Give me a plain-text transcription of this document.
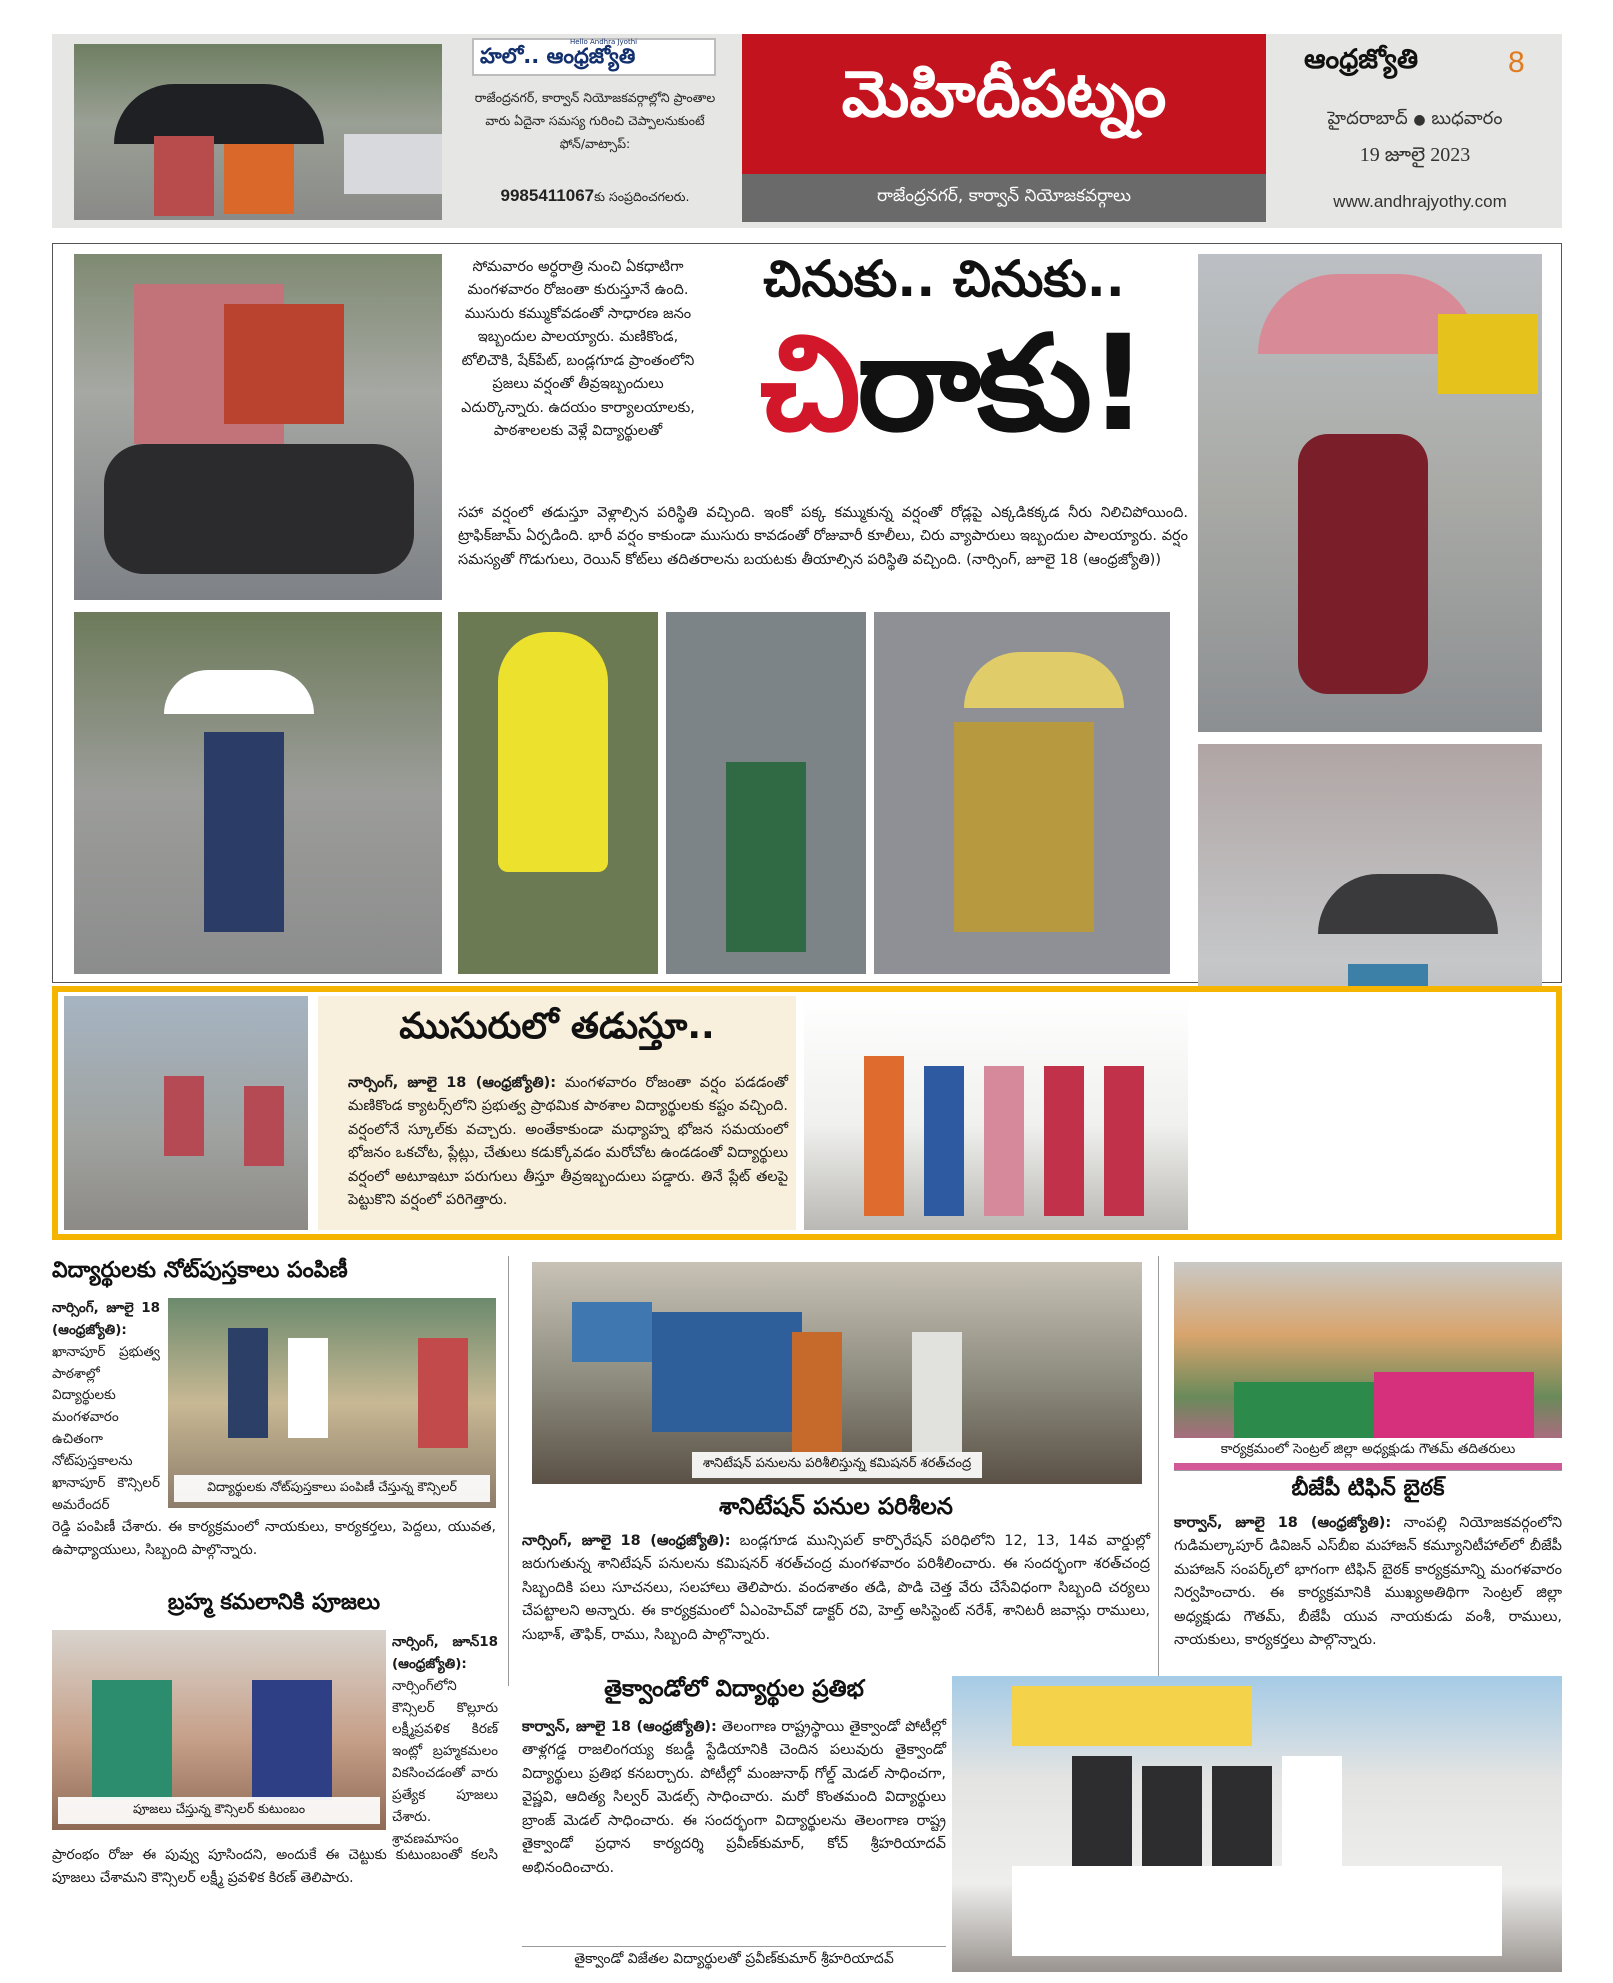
హలో.. ఆంధ్రజ్యోతి
Hello Andhra Jyothi
రాజేంద్రనగర్, కార్వాన్ నియోజకవర్గాల్లోని ప్రాంతాల వారు ఏదైనా సమస్య గురించి చెప్పాలనుకుంటే ఫోన్/వాట్సాప్:
9985411067కు సంప్రదించగలరు.
మెహిదీపట్నం
రాజేంద్రనగర్, కార్వాన్ నియోజకవర్గాలు
ఆంధ్రజ్యోతి	8
హైదరాబాద్ ● బుధవారం
19 జూలై 2023
www.andhrajyothy.com
సోమవారం అర్ధరాత్రి నుంచి ఏకధాటిగా మంగళవారం రోజంతా కురుస్తూనే ఉంది. ముసురు కమ్ముకోవడంతో సాధారణ జనం ఇబ్బందుల పాలయ్యారు. మణికొండ, టోలిచౌకి, షేక్‌పేట్, బండ్లగూడ ప్రాంతంలోని ప్రజలు వర్షంతో తీవ్రఇబ్బందులు ఎదుర్కొన్నారు. ఉదయం కార్యాలయాలకు, పాఠశాలలకు వెళ్లే విద్యార్థులతో
చినుకు.. చినుకు..
చిరాకు!
సహా వర్షంలో తడుస్తూ వెళ్లాల్సిన పరిస్థితి వచ్చింది. ఇంకో పక్క కమ్ముకున్న వర్షంతో రోడ్లపై ఎక్కడికక్కడ నీరు నిలిచిపోయింది. ట్రాఫిక్‌జామ్ ఏర్పడింది. భారీ వర్షం కాకుండా ముసురు కావడంతో రోజువారీ కూలీలు, చిరు వ్యాపారులు ఇబ్బందుల పాలయ్యారు. వర్షం సమస్యతో గొడుగులు, రెయిన్ కోట్‌లు తదితరాలను బయటకు తీయాల్సిన పరిస్థితి వచ్చింది. (నార్సింగ్, జూలై 18 (ఆంధ్రజ్యోతి))
ముసురులో తడుస్తూ..
నార్సింగ్, జూలై 18 (ఆంధ్రజ్యోతి): మంగళవారం రోజంతా వర్షం పడడంతో మణికొండ క్యాటర్స్‌లోని ప్రభుత్వ ప్రాథమిక పాఠశాల విద్యార్థులకు కష్టం వచ్చింది. వర్షంలోనే స్కూల్‌కు వచ్చారు. అంతేకాకుండా మధ్యాహ్న భోజన సమయంలో భోజనం ఒకచోట, ప్లేట్లు, చేతులు కడుక్కోవడం మరోచోట ఉండడంతో విద్యార్థులు వర్షంలో అటూఇటూ పరుగులు తీస్తూ తీవ్రఇబ్బందులు పడ్డారు. తినే ప్లేట్ తలపై పెట్టుకొని వర్షంలో పరిగెత్తారు.
విద్యార్థులకు నోట్‌పుస్తకాలు పంపిణీ
నార్సింగ్, జూలై 18 (ఆంధ్రజ్యోతి): ఖానాపూర్ ప్రభుత్వ పాఠశాల్లో విద్యార్థులకు మంగళవారం ఉచితంగా నోట్‌పుస్తకాలను ఖానాపూర్ కౌన్సిలర్ అమరేందర్
విద్యార్థులకు నోట్‌పుస్తకాలు పంపిణీ చేస్తున్న కౌన్సిలర్
రెడ్డి పంపిణీ చేశారు. ఈ కార్యక్రమంలో నాయకులు, కార్యకర్తలు, పెద్దలు, యువత, ఉపాధ్యాయులు, సిబ్బంది పాల్గొన్నారు.
బ్రహ్మ కమలానికి పూజలు
పూజలు చేస్తున్న కౌన్సిలర్ కుటుంబం
నార్సింగ్, జూన్18 (ఆంధ్రజ్యోతి): నార్సింగ్‌లోని కౌన్సిలర్ కొల్లూరు లక్ష్మీప్రవళిక కిరణ్ ఇంట్లో బ్రహ్మకమలం వికసించడంతో వారు ప్రత్యేక పూజలు చేశారు. శ్రావణమాసం
ప్రారంభం రోజు ఈ పువ్వు పూసిందని, అందుకే ఈ చెట్టుకు కుటుంబంతో కలసి పూజలు చేశామని కౌన్సిలర్ లక్ష్మీ ప్రవళిక కిరణ్ తెలిపారు.
శానిటేషన్ పనులను పరిశీలిస్తున్న కమిషనర్ శరత్‌చంద్ర
శానిటేషన్ పనుల పరిశీలన
నార్సింగ్, జూలై 18 (ఆంధ్రజ్యోతి): బండ్లగూడ మున్సిపల్ కార్పొరేషన్ పరిధిలోని 12, 13, 14వ వార్డుల్లో జరుగుతున్న శానిటేషన్ పనులను కమిషనర్ శరత్‌చంద్ర మంగళవారం పరిశీలించారు. ఈ సందర్భంగా శరత్‌చంద్ర సిబ్బందికి పలు సూచనలు, సలహాలు తెలిపారు. వందశాతం తడి, పొడి చెత్త వేరు చేసేవిధంగా సిబ్బంది చర్యలు చేపట్టాలని అన్నారు. ఈ కార్యక్రమంలో ఏఎంహెచ్‌వో డాక్టర్ రవి, హెల్త్ అసిస్టెంట్ నరేశ్, శానిటరీ జవాన్లు రాములు, సుభాశ్, తౌఫిక్, రాము, సిబ్బంది పాల్గొన్నారు.
కార్యక్రమంలో సెంట్రల్ జిల్లా అధ్యక్షుడు గౌతమ్ తదితరులు
బీజేపీ టిఫిన్ బైఠక్
కార్వాన్, జూలై 18 (ఆంధ్రజ్యోతి): నాంపల్లి నియోజకవర్గంలోని గుడిమల్కాపూర్ డివిజన్ ఎస్‌బీఐ మహాజన్ కమ్యూనిటీహాల్‌లో బీజేపీ మహాజన్ సంపర్క్‌లో భాగంగా టిఫిన్ బైఠక్ కార్యక్రమాన్ని మంగళవారం నిర్వహించారు. ఈ కార్యక్రమానికి ముఖ్యఅతిథిగా సెంట్రల్ జిల్లా అధ్యక్షుడు గౌతమ్, బీజేపీ యువ నాయకుడు వంశీ, రాములు, నాయకులు, కార్యకర్తలు పాల్గొన్నారు.
తైక్వాండోలో విద్యార్థుల ప్రతిభ
కార్వాన్, జూలై 18 (ఆంధ్రజ్యోతి): తెలంగాణ రాష్ట్రస్థాయి తైక్వాండో పోటీల్లో తాళ్లగడ్డ రాజలింగయ్య కబడ్డీ స్టేడియానికి చెందిన పలువురు తైక్వాండో విద్యార్థులు ప్రతిభ కనబర్చారు. పోటీల్లో మంజునాథ్ గోల్డ్ మెడల్ సాధించగా, వైష్ణవి, ఆదిత్య సిల్వర్ మెడల్స్ సాధించారు. మరో కొంతమంది విద్యార్థులు బ్రాంజ్ మెడల్ సాధించారు. ఈ సందర్భంగా విద్యార్థులను తెలంగాణ రాష్ట్ర తైక్వాండో ప్రధాన కార్యదర్శి ప్రవీణ్‌కుమార్, కోచ్ శ్రీహరియాదవ్ అభినందించారు.
తైక్వాండో విజేతల విద్యార్థులతో ప్రవీణ్‌కుమార్ శ్రీహరియాదవ్
